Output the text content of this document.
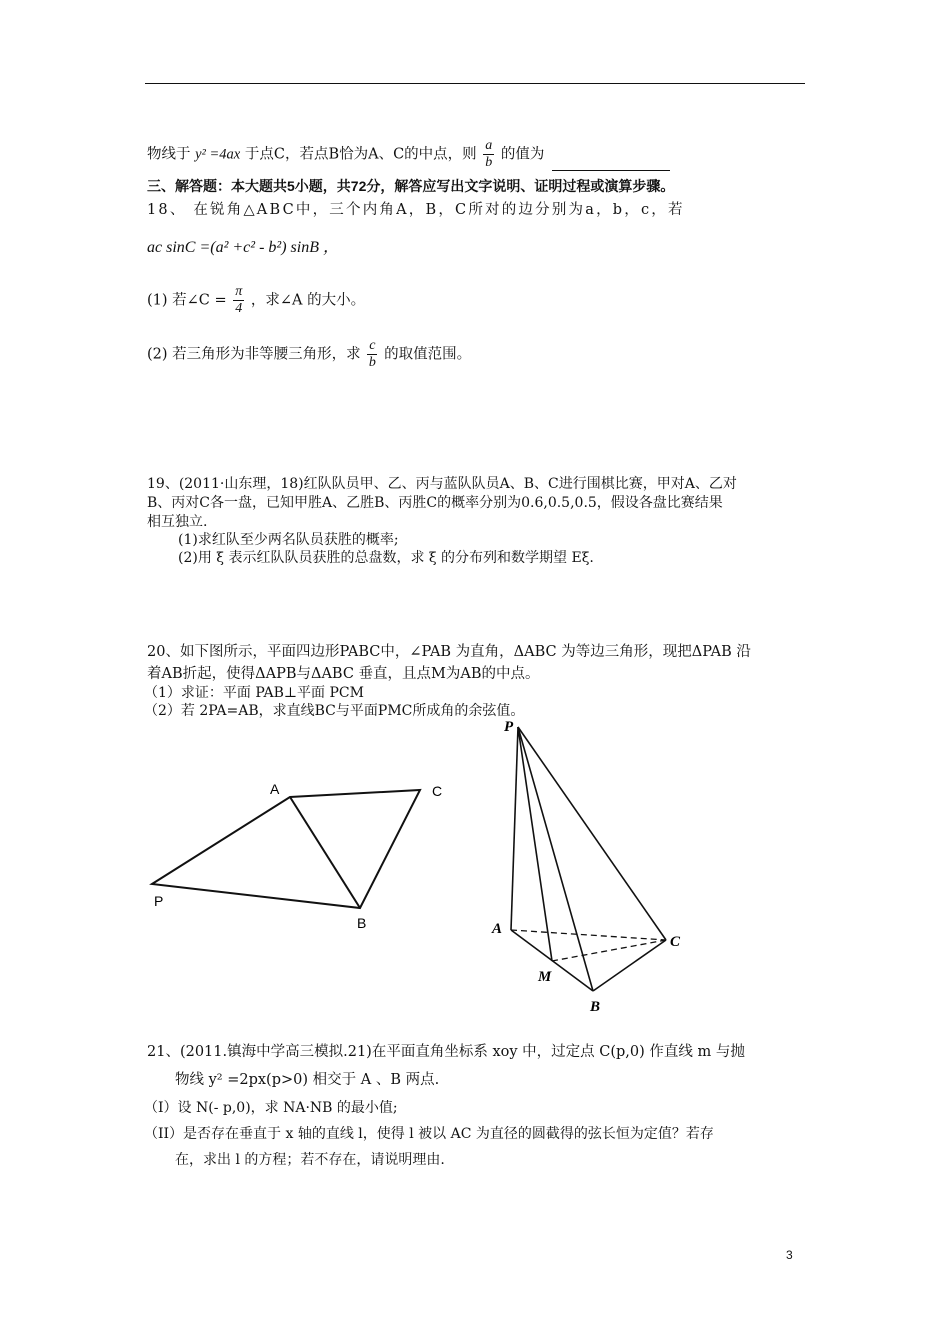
物线于 y² =4ax 于点C，若点B恰为A、C的中点，则 $\frac{a}{b}$ 的值为
三、解答题：本大题共5小题，共72分，解答应写出文字说明、证明过程或演算步骤。
18、 在锐角△ABC中，三个内角A，B，C所对的边分别为a，b，c，若
ac sinC =(a² +c² - b²) sinB ，
(1) 若∠C = $\frac{\pi}{4}$ ，求∠A 的大小。
(2) 若三角形为非等腰三角形，求 $\frac{c}{b}$ 的取值范围。
19、(2011·山东理，18)红队队员甲、乙、丙与蓝队队员A、B、C进行围棋比赛，甲对A、乙对
B、丙对C各一盘，已知甲胜A、乙胜B、丙胜C的概率分别为0.6,0.5,0.5，假设各盘比赛结果
相互独立.
(1)求红队至少两名队员获胜的概率;
(2)用 ξ 表示红队队员获胜的总盘数，求 ξ 的分布列和数学期望 Eξ.
20、如下图所示，平面四边形PABC中，∠PAB 为直角，ΔABC 为等边三角形，现把ΔPAB 沿
着AB折起，使得ΔAPB与ΔABC 垂直，且点M为AB的中点。
（1）求证：平面 PAB⊥平面 PCM
（2）若 2PA=AB，求直线BC与平面PMC所成角的余弦值。
A	C
P
B
P
A
C
M
B
21、(2011.镇海中学高三模拟.21)在平面直角坐标系 xoy 中，过定点 C(p,0) 作直线 m 与抛
物线 y² =2px(p>0) 相交于 A 、B 两点.
（I）设 N(- p,0)，求 NA·NB 的最小值;
（II）是否存在垂直于 x 轴的直线 l，使得 l 被以 AC 为直径的圆截得的弦长恒为定值？若存
在，求出 l 的方程；若不存在，请说明理由.
3
